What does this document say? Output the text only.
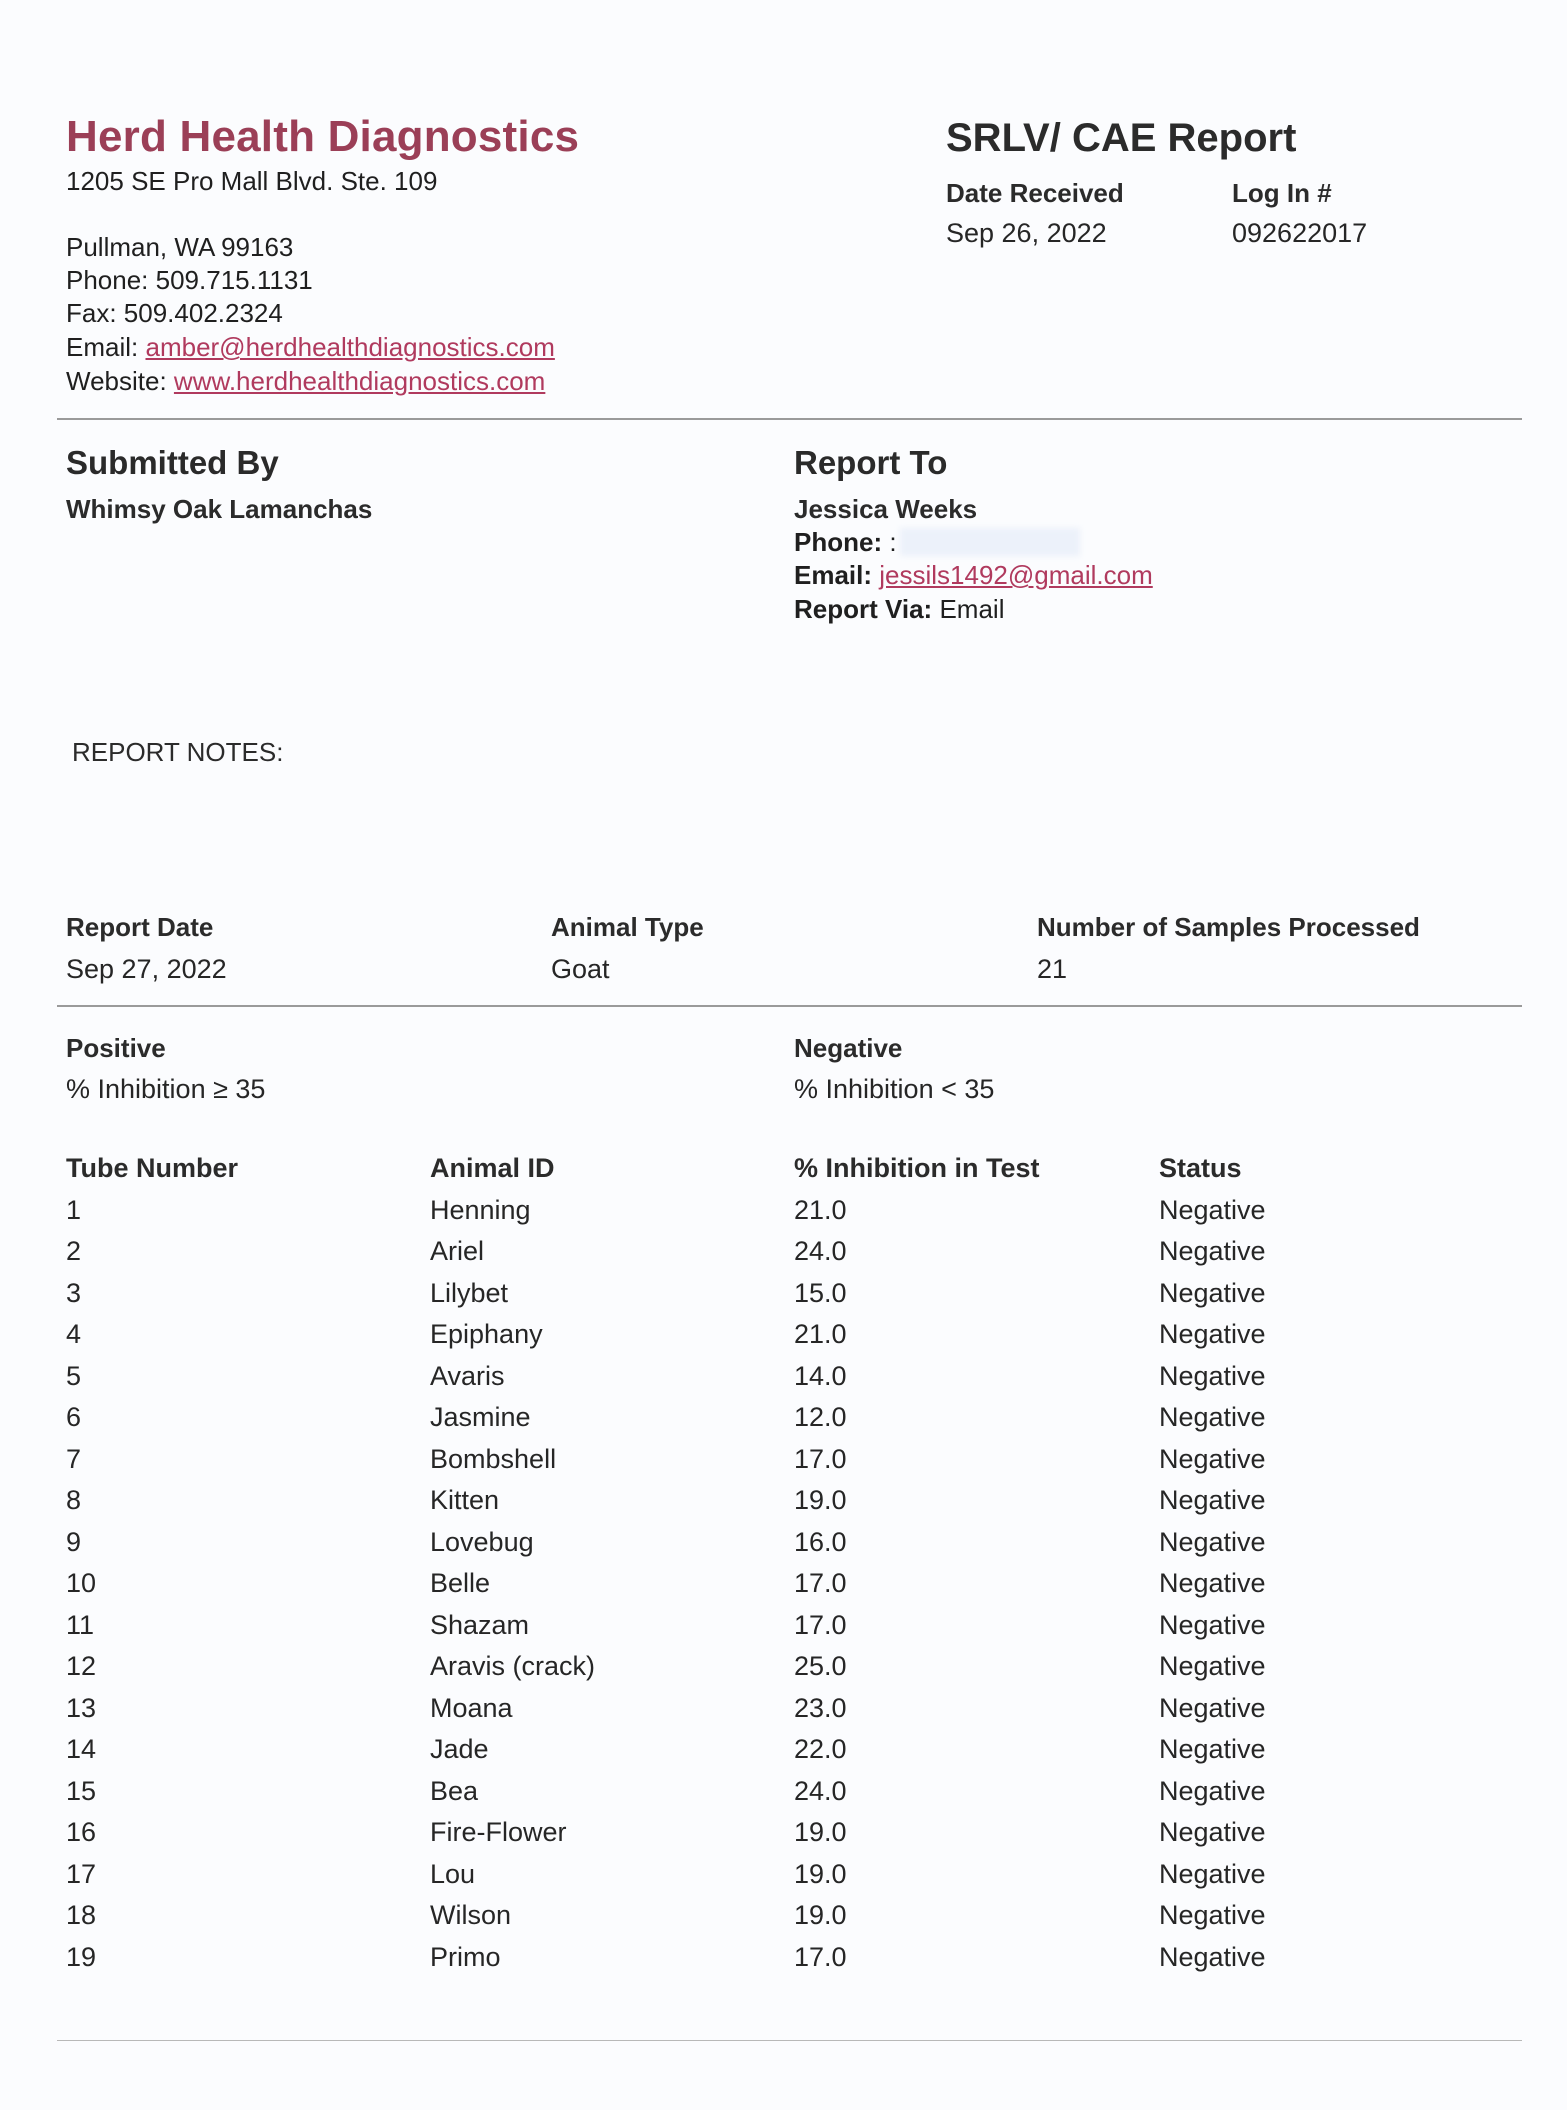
Herd Health Diagnostics
1205 SE Pro Mall Blvd. Ste. 109
Pullman, WA 99163
Phone: 509.715.1131
Fax: 509.402.2324
Email: amber@herdhealthdiagnostics.com
Website: www.herdhealthdiagnostics.com
SRLV/ CAE Report
Date Received
Sep 26, 2022
Log In #
092622017
Submitted By
Whimsy Oak Lamanchas
Report To
Jessica Weeks
Phone: :
Email: jessils1492@gmail.com
Report Via: Email
REPORT NOTES:
Report Date
Sep 27, 2022
Animal Type
Goat
Number of Samples Processed
21
Positive
% Inhibition ≥ 35
Negative
% Inhibition < 35
Tube Number	Animal ID	% Inhibition in Test	Status
1	Henning	21.0	Negative
2	Ariel	24.0	Negative
3	Lilybet	15.0	Negative
4	Epiphany	21.0	Negative
5	Avaris	14.0	Negative
6	Jasmine	12.0	Negative
7	Bombshell	17.0	Negative
8	Kitten	19.0	Negative
9	Lovebug	16.0	Negative
10	Belle	17.0	Negative
11	Shazam	17.0	Negative
12	Aravis (crack)	25.0	Negative
13	Moana	23.0	Negative
14	Jade	22.0	Negative
15	Bea	24.0	Negative
16	Fire-Flower	19.0	Negative
17	Lou	19.0	Negative
18	Wilson	19.0	Negative
19	Primo	17.0	Negative
